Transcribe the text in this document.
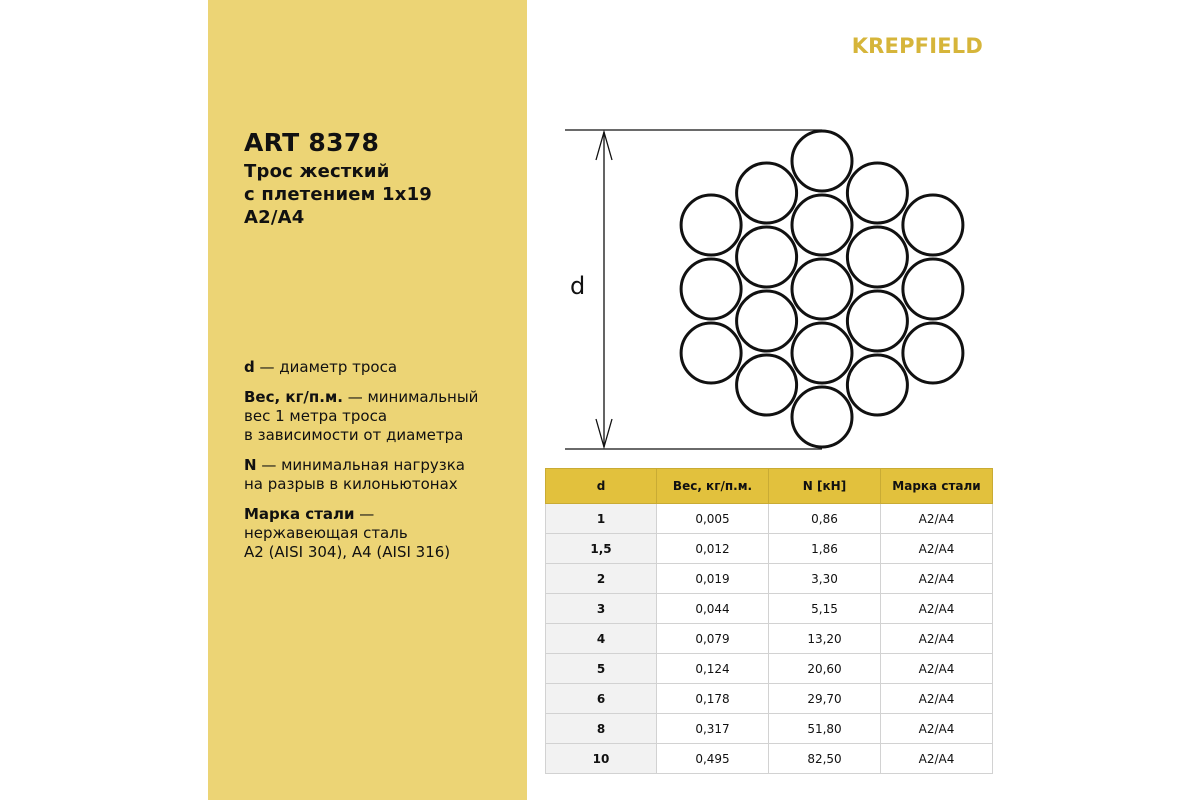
KREPFIELD
ART 8378
Трос жесткий
с плетением 1x19
A2/A4
d — диаметр троса
Вес, кг/п.м. — минимальный
вес 1 метра троса
в зависимости от диаметра
N — минимальная нагрузка
на разрыв в килоньютонах
Марка стали —
нержавеющая сталь
A2 (AISI 304), A4 (AISI 316)
d
d	Вес, кг/п.м.	N [кН]	Марка стали
1	0,005	0,86	A2/A4
1,5	0,012	1,86	A2/A4
2	0,019	3,30	A2/A4
3	0,044	5,15	A2/A4
4	0,079	13,20	A2/A4
5	0,124	20,60	A2/A4
6	0,178	29,70	A2/A4
8	0,317	51,80	A2/A4
10	0,495	82,50	A2/A4
